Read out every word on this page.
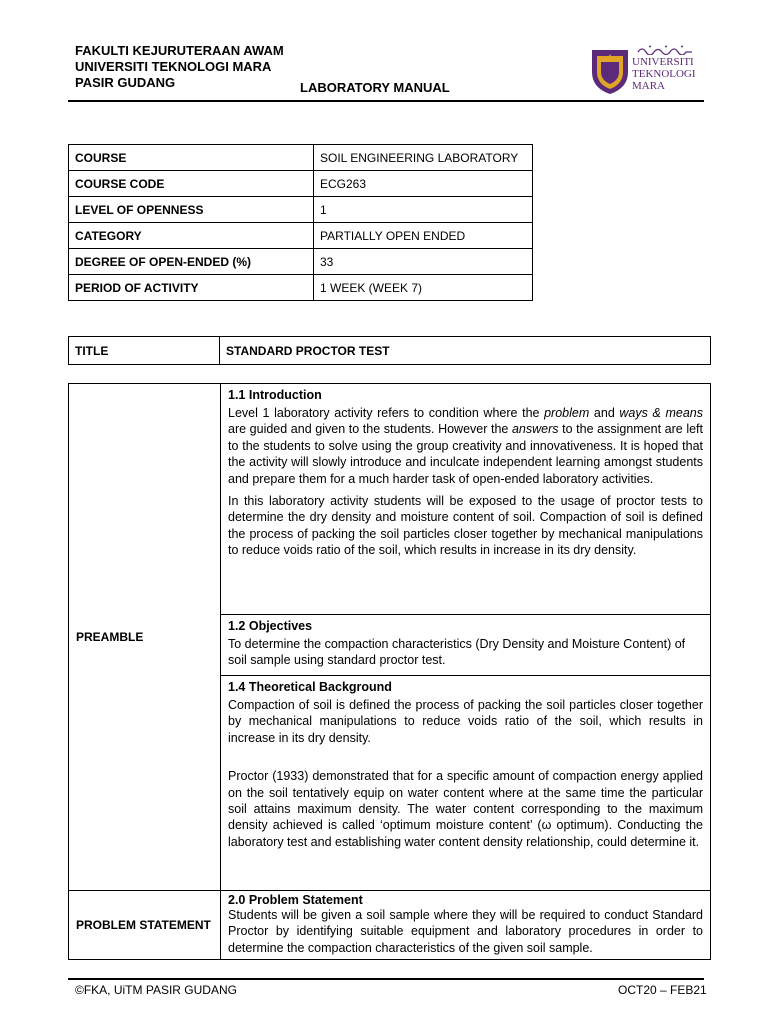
FAKULTI KEJURUTERAAN AWAM
UNIVERSITI TEKNOLOGI MARA
PASIR GUDANG	LABORATORY MANUAL
UNIVERSITI
TEKNOLOGI
MARA
COURSE	SOIL ENGINEERING LABORATORY
COURSE CODE	ECG263
LEVEL OF OPENNESS	1
CATEGORY	PARTIALLY OPEN ENDED
DEGREE OF OPEN-ENDED (%)	33
PERIOD OF ACTIVITY	1 WEEK (WEEK 7)
TITLE	STANDARD PROCTOR TEST
PREAMBLE	1.1 Introduction

Level 1 laboratory activity refers to condition where the problem and ways & means are guided and given to the students. However the answers to the assignment are left to the students to solve using the group creativity and innovativeness. It is hoped that the activity will slowly introduce and inculcate independent learning amongst students and prepare them for a much harder task of open-ended laboratory activities.

In this laboratory activity students will be exposed to the usage of proctor tests to determine the dry density and moisture content of soil. Compaction of soil is defined the process of packing the soil particles closer together by mechanical manipulations to reduce voids ratio of the soil, which results in increase in its dry density.

	1.2 Objectives

To determine the compaction characteristics (Dry Density and Moisture Content) of soil sample using standard proctor test.

	1.4 Theoretical Background

Compaction of soil is defined the process of packing the soil particles closer together by mechanical manipulations to reduce voids ratio of the soil, which results in increase in its dry density.

Proctor (1933) demonstrated that for a specific amount of compaction energy applied on the soil tentatively equip on water content where at the same time the particular soil attains maximum density. The water content corresponding to the maximum density achieved is called ‘optimum moisture content’ (ω optimum). Conducting the laboratory test and establishing water content density relationship, could determine it.

PROBLEM STATEMENT	2.0 Problem Statement

Students will be given a soil sample where they will be required to conduct Standard Proctor by identifying suitable equipment and laboratory procedures in order to determine the compaction characteristics of the given soil sample.

©FKA, UiTM PASIR GUDANG	OCT20 – FEB21
